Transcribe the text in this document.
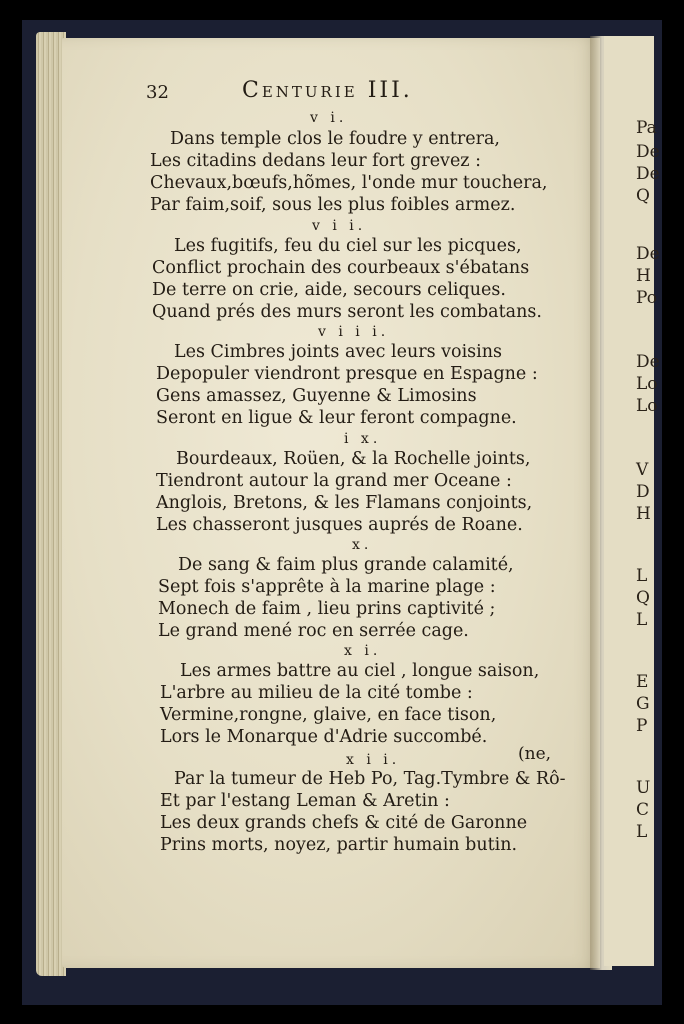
Pa
De
De
Q
De
H
Po
De
Lo
Lo
V
D
H
L
Q
L
E
G
P
U
C
L
32	Centurie III.
v i.
Dans temple clos le foudre y entrera,
Les citadins dedans leur fort grevez :
Chevaux,bœufs,hõmes, l'onde mur touchera,
Par faim,soif, sous les plus foibles armez.
v i i.
Les fugitifs, feu du ciel sur les picques,
Conflict prochain des courbeaux s'ébatans
De terre on crie, aide, secours celiques.
Quand prés des murs seront les combatans.
v i i i.
Les Cimbres joints avec leurs voisins
Depopuler viendront presque en Espagne :
Gens amassez, Guyenne & Limosins
Seront en ligue & leur feront compagne.
i x.
Bourdeaux, Roüen, & la Rochelle joints,
Tiendront autour la grand mer Oceane :
Anglois, Bretons, & les Flamans conjoints,
Les chasseront jusques auprés de Roane.
x.
De sang & faim plus grande calamité,
Sept fois s'apprête à la marine plage :
Monech de faim , lieu prins captivité ;
Le grand mené roc en serrée cage.
x i.
Les armes battre au ciel , longue saison,
L'arbre au milieu de la cité tombe :
Vermine,rongne, glaive, en face tison,
Lors le Monarque d'Adrie succombé.
x i i.	(ne,
Par la tumeur de Heb Po, Tag.Tymbre & Rô-
Et par l'estang Leman & Aretin :
Les deux grands chefs & cité de Garonne
Prins morts, noyez, partir humain butin.
